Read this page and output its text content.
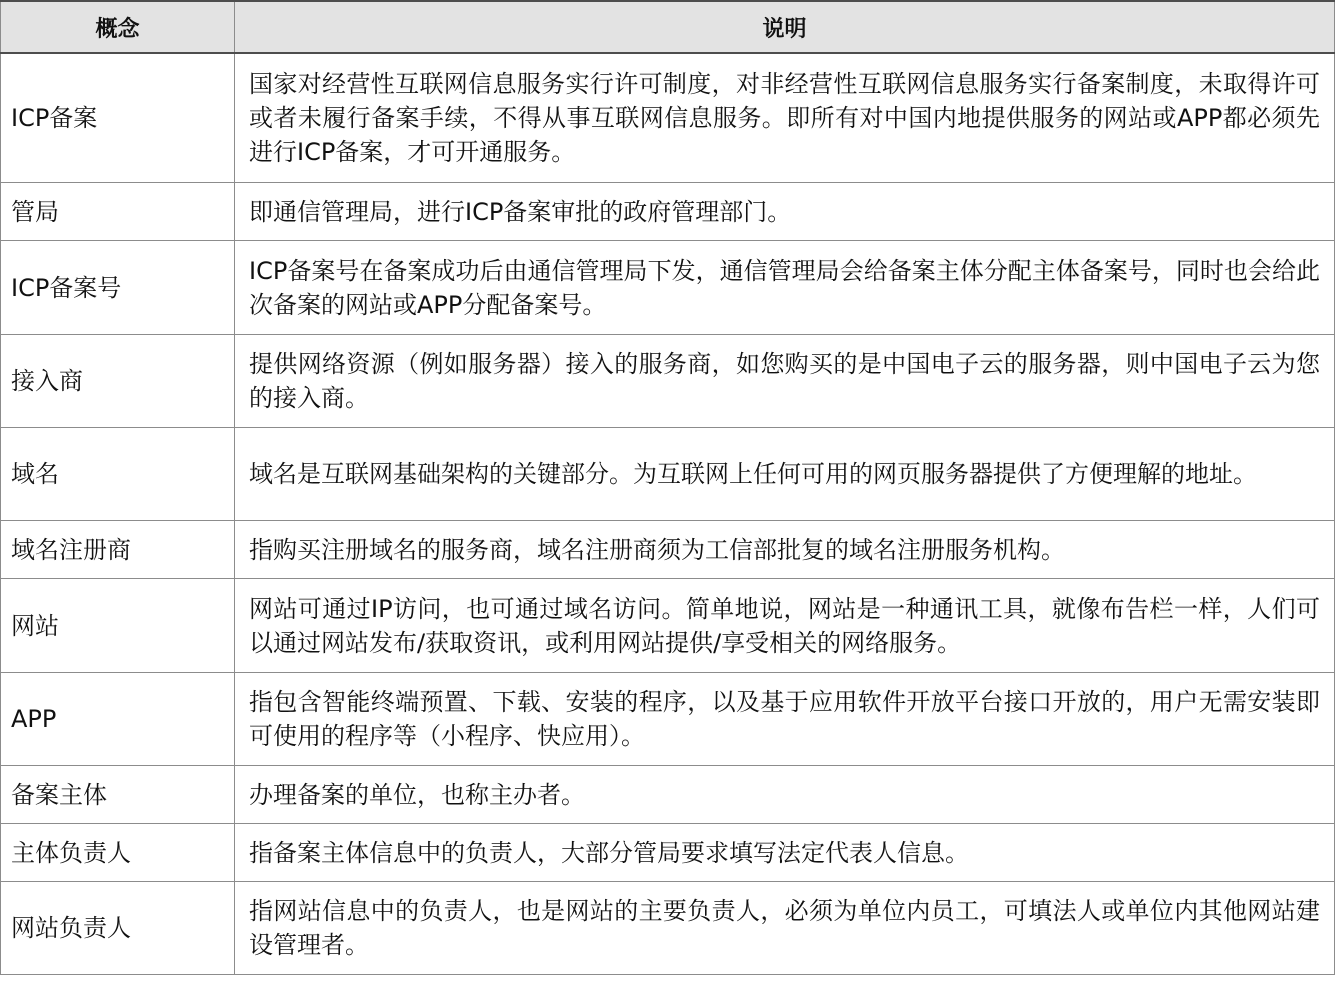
概念	说明
ICP备案	国家对经营性互联网信息服务实行许可制度，对非经营性互联网信息服务实行备案制度，未取得许可或者未履行备案手续，不得从事互联网信息服务。即所有对中国内地提供服务的网站或APP都必须先进行ICP备案，才可开通服务。
管局	即通信管理局，进行ICP备案审批的政府管理部门。
ICP备案号	ICP备案号在备案成功后由通信管理局下发，通信管理局会给备案主体分配主体备案号，同时也会给此次备案的网站或APP分配备案号。
接入商	提供网络资源（例如服务器）接入的服务商，如您购买的是中国电子云的服务器，则中国电子云为您的接入商。
域名	域名是互联网基础架构的关键部分。为互联网上任何可用的网页服务器提供了方便理解的地址。
域名注册商	指购买注册域名的服务商，域名注册商须为工信部批复的域名注册服务机构。
网站	网站可通过IP访问，也可通过域名访问。简单地说，网站是一种通讯工具，就像布告栏一样，人们可以通过网站发布/获取资讯，或利用网站提供/享受相关的网络服务。
APP	指包含智能终端预置、下载、安装的程序，以及基于应用软件开放平台接口开放的，用户无需安装即可使用的程序等（小程序、快应用）。
备案主体	办理备案的单位，也称主办者。
主体负责人	指备案主体信息中的负责人，大部分管局要求填写法定代表人信息。
网站负责人	指网站信息中的负责人，也是网站的主要负责人，必须为单位内员工，可填法人或单位内其他网站建设管理者。
